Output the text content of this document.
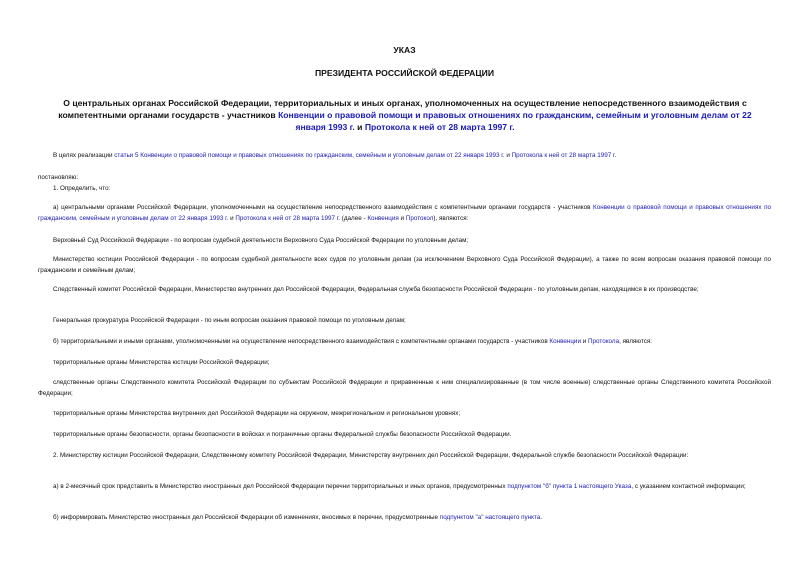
УКАЗ
ПРЕЗИДЕНТА РОССИЙСКОЙ ФЕДЕРАЦИИ
О центральных органах Российской Федерации, территориальных и иных органах, уполномоченных на осуществление непосредственного взаимодействия с компетентными органами государств - участников Конвенции о правовой помощи и правовых отношениях по гражданским, семейным и уголовным делам от 22 января 1993 г. и Протокола к ней от 28 марта 1997 г.
В целях реализации статьи 5 Конвенции о правовой помощи и правовых отношениях по гражданским, семейным и уголовным делам от 22 января 1993 г. и Протокола к ней от 28 марта 1997 г.
постановляю:
1. Определить, что:
а) центральными органами Российской Федерации, уполномоченными на осуществление непосредственного взаимодействия с компетентными органами государств - участников Конвенции о правовой помощи и правовых отношениях по гражданским, семейным и уголовным делам от 22 января 1993 г. и Протокола к ней от 28 марта 1997 г. (далее - Конвенция и Протокол), являются:
Верховный Суд Российской Федерации - по вопросам судебной деятельности Верховного Суда Российской Федерации по уголовным делам;
Министерство юстиции Российской Федерации - по вопросам судебной деятельности всех судов по уголовным делам (за исключением Верховного Суда Российской Федерации), а также по всем вопросам оказания правовой помощи по гражданским и семейным делам;
Следственный комитет Российской Федерации, Министерство внутренних дел Российской Федерации, Федеральная служба безопасности Российской Федерации - по уголовным делам, находящимся в их производстве;
Генеральная прокуратура Российской Федерации - по иным вопросам оказания правовой помощи по уголовным делам;
б) территориальными и иными органами, уполномоченными на осуществление непосредственного взаимодействия с компетентными органами государств - участников Конвенции и Протокола, являются:
территориальные органы Министерства юстиции Российской Федерации;
следственные органы Следственного комитета Российской Федерации по субъектам Российской Федерации и приравненные к ним специализированные (в том числе военные) следственные органы Следственного комитета Российской Федерации;
территориальные органы Министерства внутренних дел Российской Федерации на окружном, межрегиональном и региональном уровнях;
территориальные органы безопасности, органы безопасности в войсках и пограничные органы Федеральной службы безопасности Российской Федерации.
2. Министерству юстиции Российской Федерации, Следственному комитету Российской Федерации, Министерству внутренних дел Российской Федерации, Федеральной службе безопасности Российской Федерации:
а) в 2-месячный срок представить в Министерство иностранных дел Российской Федерации перечни территориальных и иных органов, предусмотренных подпунктом "б" пункта 1 настоящего Указа, с указанием контактной информации;
б) информировать Министерство иностранных дел Российской Федерации об изменениях, вносимых в перечни, предусмотренные подпунктом "а" настоящего пункта.
